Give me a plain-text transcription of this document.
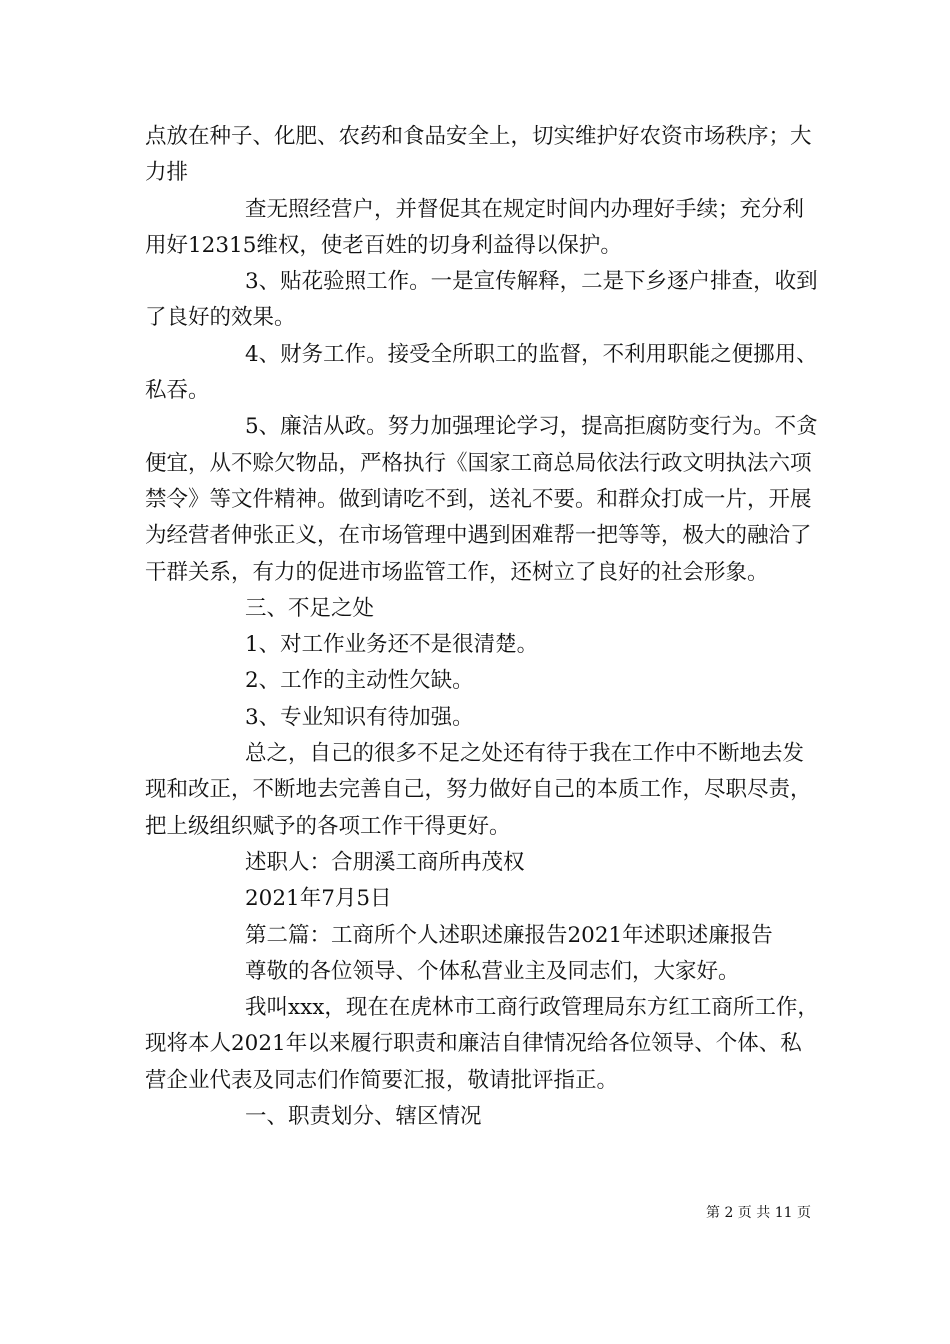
点放在种子、化肥、农药和食品安全上，切实维护好农资市场秩序；大力排

查无照经营户，并督促其在规定时间内办理好手续；充分利用好12315维权，使老百姓的切身利益得以保护。

3、贴花验照工作。一是宣传解释，二是下乡逐户排查，收到了良好的效果。

4、财务工作。接受全所职工的监督，不利用职能之便挪用、私吞。

5、廉洁从政。努力加强理论学习，提高拒腐防变行为。不贪便宜，从不赊欠物品，严格执行《国家工商总局依法行政文明执法六项禁令》等文件精神。做到请吃不到，送礼不要。和群众打成一片，开展为经营者伸张正义，在市场管理中遇到困难帮一把等等，极大的融洽了干群关系，有力的促进市场监管工作，还树立了良好的社会形象。

三、不足之处

1、对工作业务还不是很清楚。

2、工作的主动性欠缺。

3、专业知识有待加强。

总之，自己的很多不足之处还有待于我在工作中不断地去发现和改正，不断地去完善自己，努力做好自己的本质工作，尽职尽责，把上级组织赋予的各项工作干得更好。

述职人：合朋溪工商所冉茂权

2021年7月5日

第二篇：工商所个人述职述廉报告2021年述职述廉报告

尊敬的各位领导、个体私营业主及同志们，大家好。

我叫xxx，现在在虎林市工商行政管理局东方红工商所工作，现将本人2021年以来履行职责和廉洁自律情况给各位领导、个体、私营企业代表及同志们作简要汇报，敬请批评指正。

一、职责划分、辖区情况

第 2 页 共 11 页
